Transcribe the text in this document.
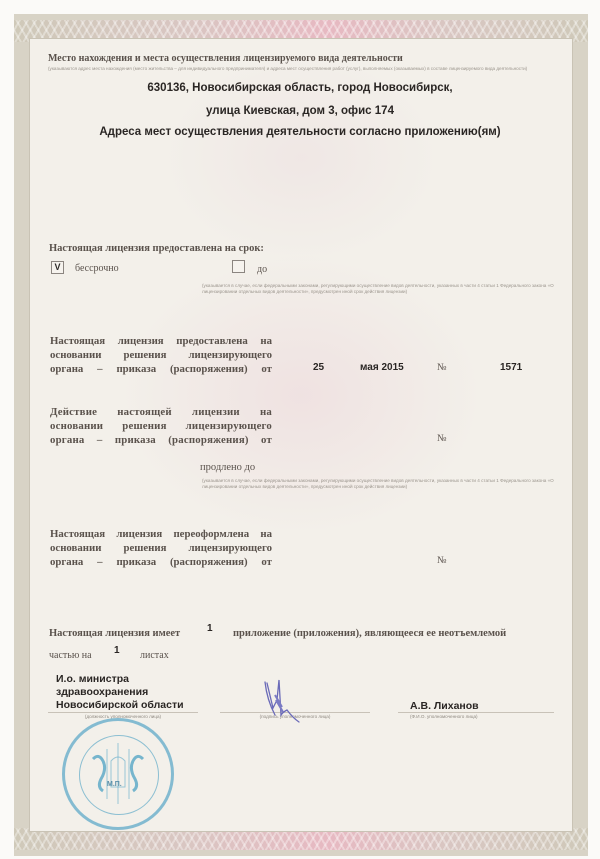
Место нахождения и места осуществления лицензируемого вида деятельности
(указываются адрес места нахождения (место жительства – для индивидуального предпринимателя) и адреса мест осуществления работ (услуг), выполняемых (оказываемых) в составе лицензируемого вида деятельности)
630136, Новосибирская область, город Новосибирск,
улица Киевская, дом 3, офис 174
Адреса мест осуществления деятельности согласно приложению(ям)
Настоящая лицензия предоставлена на срок:
V	бессрочно	до
(указывается в случае, если федеральными законами, регулирующими осуществление видов деятельности, указанных в части 4 статьи 1 Федерального закона «О лицензировании отдельных видов деятельности», предусмотрен иной срок действия лицензии)
Настоящая лицензия предоставлена на
основании решения лицензирующего
органа – приказа (распоряжения) от	25	мая 2015	№	1571
Действие настоящей лицензии на
основании решения лицензирующего
органа – приказа (распоряжения) от	№
продлено до
(указывается в случае, если федеральными законами, регулирующими осуществление видов деятельности, указанных в части 4 статьи 1 Федерального закона «О лицензировании отдельных видов деятельности», предусмотрен иной срок действия лицензии)
Настоящая лицензия переоформлена на
основании решения лицензирующего
органа – приказа (распоряжения) от	№
Настоящая лицензия имеет	1 приложение (приложения), являющееся ее неотъемлемой
частью на 1 листах
И.о. министра
здравоохранения
Новосибирской области
(должность уполномоченного лица)	(подпись уполномоченного лица)
А.В. Лиханов
(Ф.И.О. уполномоченного лица)
М.П.
